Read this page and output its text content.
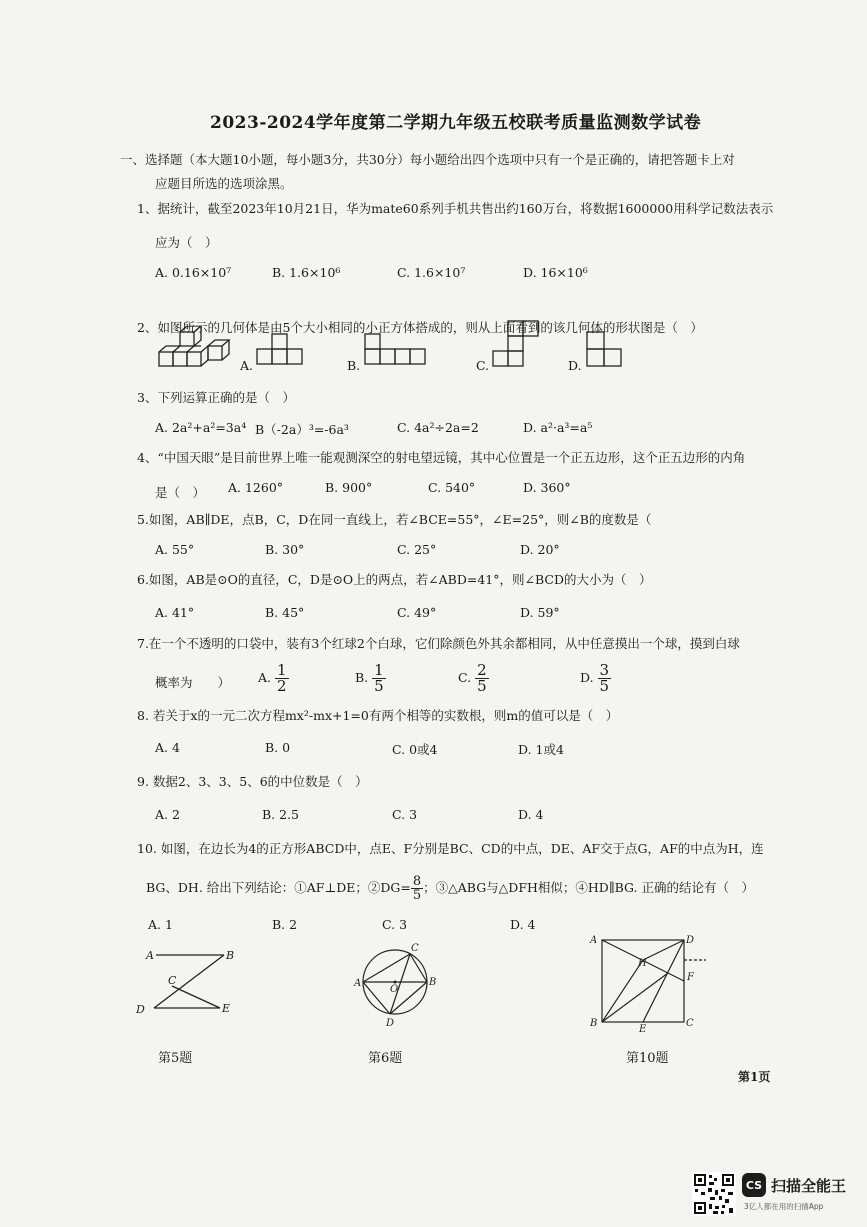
2023-2024学年度第二学期九年级五校联考质量监测数学试卷
一、选择题（本大题10小题，每小题3分，共30分）每小题给出四个选项中只有一个是正确的，请把答题卡上对
应题目所选的选项涂黑。
1、据统计，截至2023年10月21日，华为mate60系列手机共售出约160万台，将数据1600000用科学记数法表示
应为（　）
A. 0.16×10⁷	B. 1.6×10⁶	C. 1.6×10⁷	D. 16×10⁶
2、如图所示的几何体是由5个大小相同的小正方体搭成的，则从上面看到的该几何体的形状图是（　）
A.	B.	C.	D.
3、下列运算正确的是（　）
A. 2a²+a²=3a⁴ B（-2a）³=-6a³	C. 4a²÷2a=2	D. a²·a³=a⁵
4、“中国天眼”是目前世界上唯一能观测深空的射电望远镜，其中心位置是一个正五边形，这个正五边形的内角
是（　） A. 1260°	B. 900°	C. 540°	D. 360°
5.如图，AB∥DE，点B，C，D在同一直线上，若∠BCE=55°，∠E=25°，则∠B的度数是（
A. 55°	B. 30°	C. 25°	D. 20°
6.如图，AB是⊙O的直径，C，D是⊙O上的两点，若∠ABD=41°，则∠BCD的大小为（　）
A. 41°	B. 45°	C. 49°	D. 59°
7.在一个不透明的口袋中，装有3个红球2个白球，它们除颜色外其余都相同，从中任意摸出一个球，摸到白球
概率为　　） A. $\frac{1}{2}$	B. $\frac{1}{5}$	C. $\frac{2}{5}$	D. $\frac{3}{5}$
8. 若关于x的一元二次方程mx²-mx+1=0有两个相等的实数根，则m的值可以是（　）
A. 4	B. 0	C. 0或4	D. 1或4
9. 数据2、3、3、5、6的中位数是（　）
A. 2	B. 2.5	C. 3	D. 4
10. 如图，在边长为4的正方形ABCD中，点E、F分别是BC、CD的中点，DE、AF交于点G，AF的中点为H，连
BG、DH. 给出下列结论：①AF⊥DE；②DG= $\frac{8}{5}$ ；③△ABG与△DFH相似；④HD∥BG. 正确的结论有（　）
A. 1	B. 2	C. 3	D. 4
A	B
C
D	E
第5题
A	B
C
D
O
第6题
A	D
B	C
E
F
H
第10题
第1页
CS 扫描全能王
3亿人都在用的扫描App
